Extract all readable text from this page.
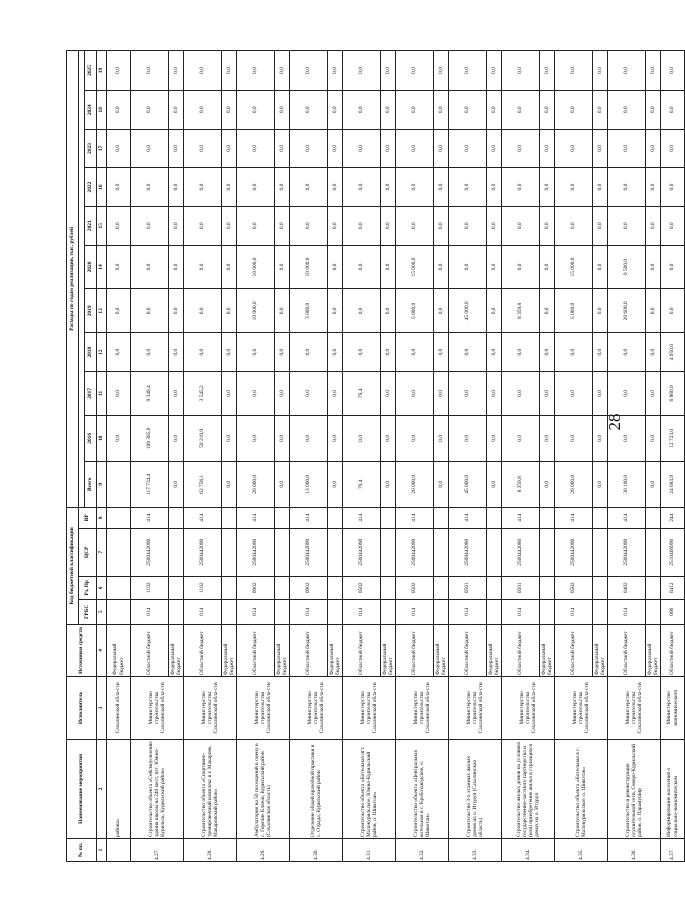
28
№ пп.	Наименование мероприятия	Исполнитель	Источники средств	Код бюджетной классификации				Расходы по годам реализации, тыс. рублей										
				ГРБС	Рз, Пр	ЦСР	ВР											
								Всего	2016	2017	2018	2019	2020	2021	2022	2023	2024	2025
1	2	3	4	5	6	7	8	9	10	11	12	13	14	15	16	17	18	19
	района»	Сахалинской обла-сти	Федеральный бюджет						0,0	0,0	0,0	0,0	0,0	0,0	0,0	0,0	0,0	0,0
4.27.	Строительство объекта «Сейсмоусиление здания школы на 240 мест, пгт. Южно-Курильск, Курильский район»	Министерство строительства Сахалинской обла-сти	Областной бюджет	014	1102	2500442090	414	117 734,4	108 385,0	9 349,4	0,0	0,0	0,0	0,0	0,0	0,0	0,0	0,0
			Федеральный бюджет					0,0	0,0	0,0	0,0	0,0	0,0	0,0	0,0	0,0	0,0	0,0
4.28.	Строительство объекта «Спортивно-тренировочный комплекс в г. Макарове, Макаровский район»	Министерство строительства Сахалинской обла-сти	Областной бюджет	014	1102	2500442090	414	62 756,1	59 210,9	3 545,2	0,0	0,0	0,0	0,0	0,0	0,0	0,0	0,0
			Федеральный бюджет					0,0	0,0	0,0	0,0	0,0	0,0	0,0	0,0	0,0	0,0	0,0
4.29.	Амбулатория на 50 посещений в смену в с. Горячие Ключи, Курильский район (Сахалинская область)	Министерство строительства Сахалинской обла-сти	Областной бюджет	014	0902	2500442090	414	20 000,0	0,0	0,0	0,0	10 000,0	10 000,0	0,0	0,0	0,0	0,0	0,0
			Федеральный бюджет					0,0	0,0	0,0	0,0	0,0	0,0	0,0	0,0	0,0	0,0	0,0
4.30.	Отделение общей врачебной практики в с. Отрада, Курильский район	Министерство строительства Сахалинской обла-сти	Областной бюджет	014	0902	2500442090	414	13 000,0	0,0	0,0	0,0	3 000,0	10 000,0	0,0	0,0	0,0	0,0	0,0
			Федеральный бюджет					0,0	0,0	0,0	0,0	0,0	0,0	0,0	0,0	0,0	0,0	0,0
4.31.	Строительство объекта «Котельная пгт. Малокурильское, Южно-Курильский район, о. Шикотан»	Министерство строительства Сахалинской обла-сти	Областной бюджет	014	0502	2500442090	414	79,4	0,0	79,4	0,0	0,0	0,0	0,0	0,0	0,0	0,0	0,0
			Федеральный бюджет					0,0	0,0	0,0	0,0	0,0	0,0	0,0	0,0	0,0	0,0	0,0
4.32.	Строительство объекта «Центральная котельная в с. Крабозаводское, о. Шикотан»	Министерство строительства Сахалинской обла-сти	Областной бюджет	014	0502	2500442090	414	20 000,0	0,0	0,0	0,0	5 000,0	15 000,0	0,0	0,0	0,0	0,0	0,0
			Федеральный бюджет					0,0	0,0	0,0	0,0	0,0	0,0	0,0	0,0	0,0	0,0	0,0
4.33.	Строительство 3-х этажных жилых домов на о. Итуруп (Сахалинская область)	Министерство строительства Сахалинской обла-сти	Областной бюджет	014	0501	2500442080	414	45 000,0	0,0	0,0	0,0	45 000,0	0,0	0,0	0,0	0,0	0,0	0,0
			Федеральный бюджет					0,0	0,0	0,0	0,0	0,0	0,0	0,0	0,0	0,0	0,0	0,0
4.34.	Строительство жилых домов на условиях государственно-частного партнерства и (или) приобретение жилья в строящихся домах на о. Итуруп	Министерство строительства Сахалинской обла-сти	Областной бюджет	014	0501	2500442080	414	8 359,8	0,0	0,0	0,0	8 359,8	0,0	0,0	0,0	0,0	0,0	0,0
			Федеральный бюджет					0,0	0,0	0,0	0,0	0,0	0,0	0,0	0,0	0,0	0,0	0,0
4.35.	Строительство объекта «Котельная в с. Малокурильское, о. Шикотан»	Министерство строительства Сахалинской обла-сти	Областной бюджет	014	0502	2500442090	414	20 000,0	0,0	0,0	0,0	5 000,0	15 000,0	0,0	0,0	0,0	0,0	0,0
			Федеральный бюджет					0,0	0,0	0,0	0,0	0,0	0,0	0,0	0,0	0,0	0,0	0,0
4.36.	Строительство и реконструкция осушительной сети, Северо-Курильский район, о. Парамушир	Министерство строительства Сахалинской обла-сти	Областной бюджет	014	0402	2500442090	414	30 100,0	0,0	0,0	0,0	20 600,0	9 500,0	0,0	0,0	0,0	0,0	0,0
			Федеральный бюджет					0,0	0,0	0,0	0,0	0,0	0,0	0,0	0,0	0,0	0,0	0,0
4.37.	Информирование населения о социально-экономическом	Министерство экономического	Областной бюджет	006	0412	2510400990	244	24 683,9	12 723,0	6 860,9	4 950,0	0,0	0,0	0,0	0,0	0,0	0,0	0,0
